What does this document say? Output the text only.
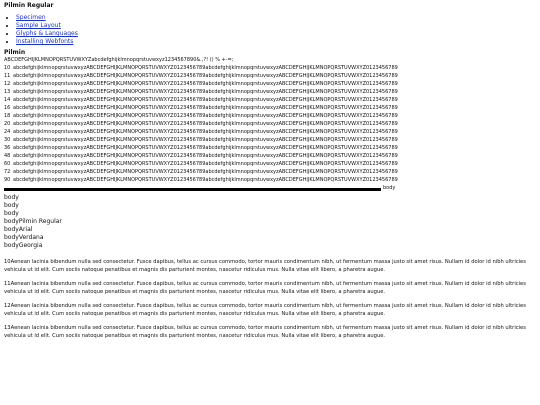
Pilmin Regular
• Specimen
• Sample Layout
• Glyphs & Languages
• Installing Webfonts
Pilmin
ABCDEFGHIJKLMNOPQRSTUVWXYZabcdefghijklmnopqrstuvwxyz1234567890&.,?! () % +-=;
10 abcdefghijklmnopqrstuvwxyzABCDEFGHIJKLMNOPQRSTUVWXYZ0123456789abcdefghijklmnopqrstuvwxyzABCDEFGHIJKLMNOPQRSTUVWXYZ0123456789
11 abcdefghijklmnopqrstuvwxyzABCDEFGHIJKLMNOPQRSTUVWXYZ0123456789abcdefghijklmnopqrstuvwxyzABCDEFGHIJKLMNOPQRSTUVWXYZ0123456789
12 abcdefghijklmnopqrstuvwxyzABCDEFGHIJKLMNOPQRSTUVWXYZ0123456789abcdefghijklmnopqrstuvwxyzABCDEFGHIJKLMNOPQRSTUVWXYZ0123456789
13 abcdefghijklmnopqrstuvwxyzABCDEFGHIJKLMNOPQRSTUVWXYZ0123456789abcdefghijklmnopqrstuvwxyzABCDEFGHIJKLMNOPQRSTUVWXYZ0123456789
14 abcdefghijklmnopqrstuvwxyzABCDEFGHIJKLMNOPQRSTUVWXYZ0123456789abcdefghijklmnopqrstuvwxyzABCDEFGHIJKLMNOPQRSTUVWXYZ0123456789
16 abcdefghijklmnopqrstuvwxyzABCDEFGHIJKLMNOPQRSTUVWXYZ0123456789abcdefghijklmnopqrstuvwxyzABCDEFGHIJKLMNOPQRSTUVWXYZ0123456789
18 abcdefghijklmnopqrstuvwxyzABCDEFGHIJKLMNOPQRSTUVWXYZ0123456789abcdefghijklmnopqrstuvwxyzABCDEFGHIJKLMNOPQRSTUVWXYZ0123456789
20 abcdefghijklmnopqrstuvwxyzABCDEFGHIJKLMNOPQRSTUVWXYZ0123456789abcdefghijklmnopqrstuvwxyzABCDEFGHIJKLMNOPQRSTUVWXYZ0123456789
24 abcdefghijklmnopqrstuvwxyzABCDEFGHIJKLMNOPQRSTUVWXYZ0123456789abcdefghijklmnopqrstuvwxyzABCDEFGHIJKLMNOPQRSTUVWXYZ0123456789
30 abcdefghijklmnopqrstuvwxyzABCDEFGHIJKLMNOPQRSTUVWXYZ0123456789abcdefghijklmnopqrstuvwxyzABCDEFGHIJKLMNOPQRSTUVWXYZ0123456789
36 abcdefghijklmnopqrstuvwxyzABCDEFGHIJKLMNOPQRSTUVWXYZ0123456789abcdefghijklmnopqrstuvwxyzABCDEFGHIJKLMNOPQRSTUVWXYZ0123456789
48 abcdefghijklmnopqrstuvwxyzABCDEFGHIJKLMNOPQRSTUVWXYZ0123456789abcdefghijklmnopqrstuvwxyzABCDEFGHIJKLMNOPQRSTUVWXYZ0123456789
60 abcdefghijklmnopqrstuvwxyzABCDEFGHIJKLMNOPQRSTUVWXYZ0123456789abcdefghijklmnopqrstuvwxyzABCDEFGHIJKLMNOPQRSTUVWXYZ0123456789
72 abcdefghijklmnopqrstuvwxyzABCDEFGHIJKLMNOPQRSTUVWXYZ0123456789abcdefghijklmnopqrstuvwxyzABCDEFGHIJKLMNOPQRSTUVWXYZ0123456789
90 abcdefghijklmnopqrstuvwxyzABCDEFGHIJKLMNOPQRSTUVWXYZ0123456789abcdefghijklmnopqrstuvwxyzABCDEFGHIJKLMNOPQRSTUVWXYZ0123456789
body
body
body
body
bodyPilmin Regular
bodyArial
bodyVerdana
bodyGeorgia
10Aenean lacinia bibendum nulla sed consectetur. Fusce dapibus, tellus ac cursus commodo, tortor mauris condimentum nibh, ut fermentum massa justo sit amet risus. Nullam id dolor id nibh ultricies vehicula ut id elit. Cum sociis natoque penatibus et magnis dis parturient montes, nascetur ridiculus mus. Nulla vitae elit libero, a pharetra augue.
11Aenean lacinia bibendum nulla sed consectetur. Fusce dapibus, tellus ac cursus commodo, tortor mauris condimentum nibh, ut fermentum massa justo sit amet risus. Nullam id dolor id nibh ultricies vehicula ut id elit. Cum sociis natoque penatibus et magnis dis parturient montes, nascetur ridiculus mus. Nulla vitae elit libero, a pharetra augue.
12Aenean lacinia bibendum nulla sed consectetur. Fusce dapibus, tellus ac cursus commodo, tortor mauris condimentum nibh, ut fermentum massa justo sit amet risus. Nullam id dolor id nibh ultricies vehicula ut id elit. Cum sociis natoque penatibus et magnis dis parturient montes, nascetur ridiculus mus. Nulla vitae elit libero, a pharetra augue.
13Aenean lacinia bibendum nulla sed consectetur. Fusce dapibus, tellus ac cursus commodo, tortor mauris condimentum nibh, ut fermentum massa justo sit amet risus. Nullam id dolor id nibh ultricies vehicula ut id elit. Cum sociis natoque penatibus et magnis dis parturient montes, nascetur ridiculus mus. Nulla vitae elit libero, a pharetra augue.
